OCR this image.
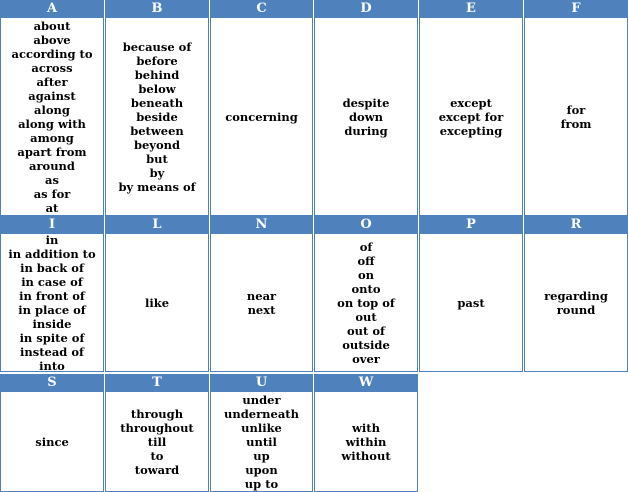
A
about
above
according to
across
after
against
along
along with
among
apart from
around
as
as for
at
B
because of
before
behind
below
beneath
beside
between
beyond
but
by
by means of
C
concerning
D
despite
down
during
E
except
except for
excepting
F
for
from
I
in
in addition to
in back of
in case of
in front of
in place of
inside
in spite of
instead of
into
L
like
N
near
next
O
of
off
on
onto
on top of
out
out of
outside
over
P
past
R
regarding
round
S
since
T
through
throughout
till
to
toward
U
under
underneath
unlike
until
up
upon
up to
W
with
within
without
